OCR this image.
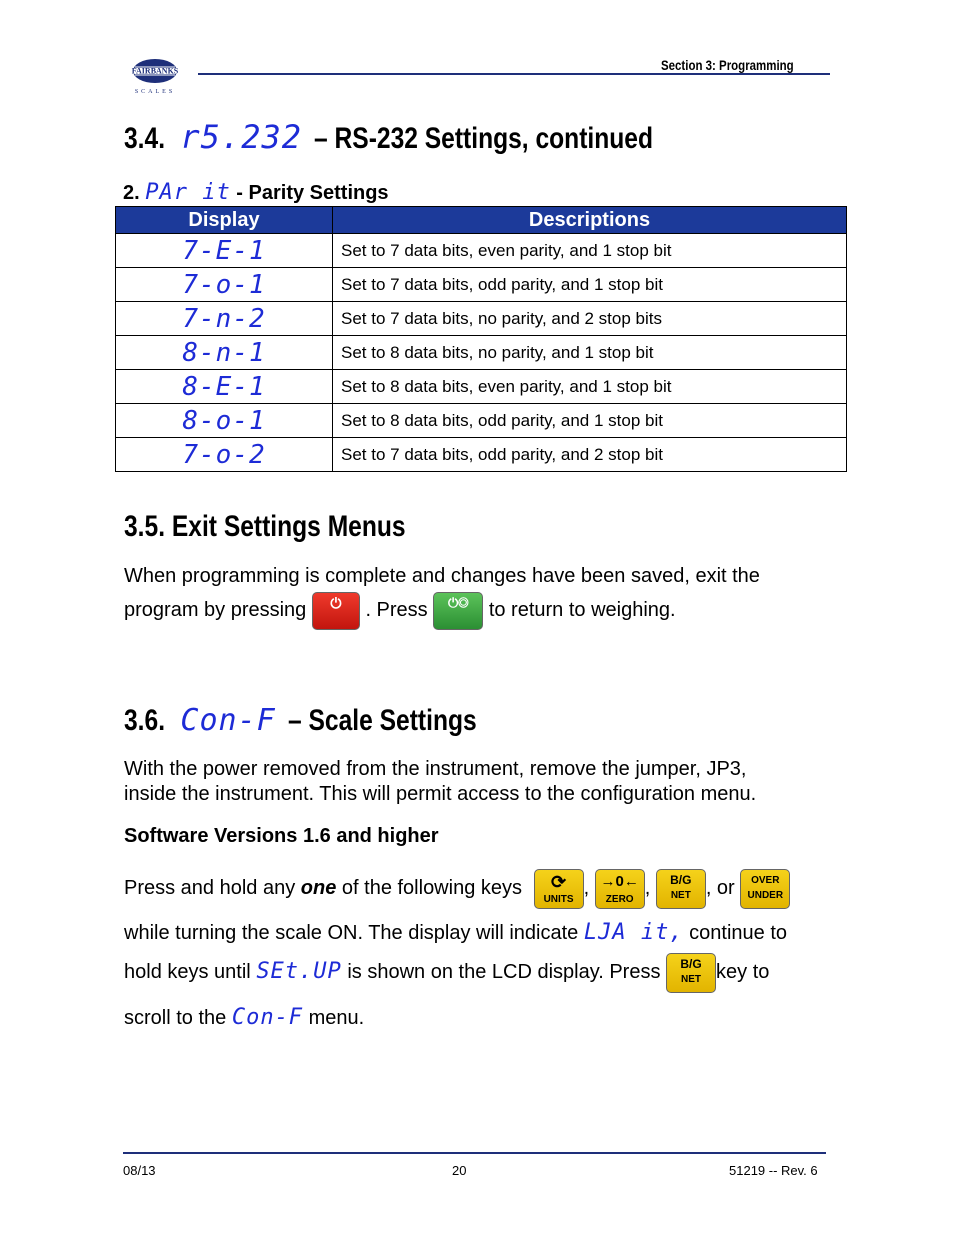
FAIRBANKS
SCALES
Section 3: Programming
3.4. r5.232 – RS-232 Settings, continued
2. PAr it - Parity Settings
Display	Descriptions
7-E-1	Set to 7 data bits, even parity, and 1 stop bit
7-o-1	Set to 7 data bits, odd parity, and 1 stop bit
7-n-2	Set to 7 data bits, no parity, and 2 stop bits
8-n-1	Set to 8 data bits, no parity, and 1 stop bit
8-E-1	Set to 8 data bits, even parity, and 1 stop bit
8-o-1	Set to 8 data bits, odd parity, and 1 stop bit
7-o-2	Set to 7 data bits, odd parity, and 2 stop bit
3.5. Exit Settings Menus
When programming is complete and changes have been saved, exit the
program by pressing	⏻
OFF
. Press	⏻◎
CAL/PRINT
to return to weighing.
3.6. Con-F – Scale Settings
With the power removed from the instrument, remove the jumper, JP3,
inside the instrument. This will permit access to the configuration menu.
Software Versions 1.6 and higher
Press and hold any one of the following keys	⟳
UNITS
, →0←
ZERO
,	B/G
NET , or	OVER
UNDER
while turning the scale ON. The display will indicate LJA it, continue to
hold keys until SEt.UP is shown on the LCD display. Press	B/G
NET key to
scroll to the Con-F menu.
08/13	20	51219 -- Rev. 6
